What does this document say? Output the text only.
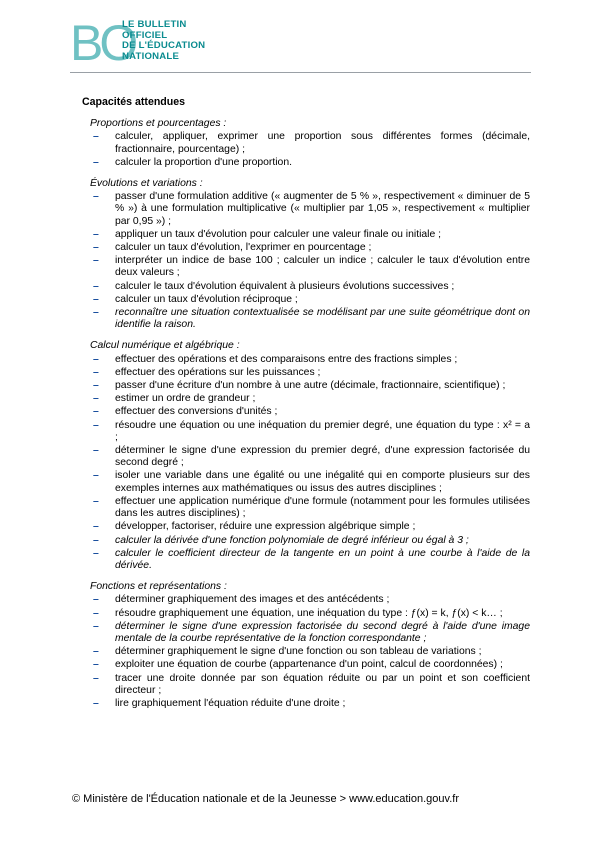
BO
LE BULLETIN
OFFICIEL
DE L'ÉDUCATION
NATIONALE
Capacités attendues
Proportions et pourcentages :
– calculer, appliquer, exprimer une proportion sous différentes formes (décimale, fractionnaire, pourcentage) ;
– calculer la proportion d'une proportion.
Évolutions et variations :
– passer d'une formulation additive (« augmenter de 5 % », respectivement « diminuer de 5 % ») à une formulation multiplicative (« multiplier par 1,05 », respectivement « multiplier par 0,95 ») ;
– appliquer un taux d'évolution pour calculer une valeur finale ou initiale ;
– calculer un taux d'évolution, l'exprimer en pourcentage ;
– interpréter un indice de base 100 ; calculer un indice ; calculer le taux d'évolution entre deux valeurs ;
– calculer le taux d'évolution équivalent à plusieurs évolutions successives ;
– calculer un taux d'évolution réciproque ;
– reconnaître une situation contextualisée se modélisant par une suite géométrique dont on identifie la raison.
Calcul numérique et algébrique :
– effectuer des opérations et des comparaisons entre des fractions simples ;
– effectuer des opérations sur les puissances ;
– passer d'une écriture d'un nombre à une autre (décimale, fractionnaire, scientifique) ;
– estimer un ordre de grandeur ;
– effectuer des conversions d'unités ;
– résoudre une équation ou une inéquation du premier degré, une équation du type : x² = a ;
– déterminer le signe d'une expression du premier degré, d'une expression factorisée du second degré ;
– isoler une variable dans une égalité ou une inégalité qui en comporte plusieurs sur des exemples internes aux mathématiques ou issus des autres disciplines ;
– effectuer une application numérique d'une formule (notamment pour les formules utilisées dans les autres disciplines) ;
– développer, factoriser, réduire une expression algébrique simple ;
– calculer la dérivée d'une fonction polynomiale de degré inférieur ou égal à 3 ;
– calculer le coefficient directeur de la tangente en un point à une courbe à l'aide de la dérivée.
Fonctions et représentations :
– déterminer graphiquement des images et des antécédents ;
– résoudre graphiquement une équation, une inéquation du type : ƒ(x) = k, ƒ(x) < k… ;
– déterminer le signe d'une expression factorisée du second degré à l'aide d'une image mentale de la courbe représentative de la fonction correspondante ;
– déterminer graphiquement le signe d'une fonction ou son tableau de variations ;
– exploiter une équation de courbe (appartenance d'un point, calcul de coordonnées) ;
– tracer une droite donnée par son équation réduite ou par un point et son coefficient directeur ;
– lire graphiquement l'équation réduite d'une droite ;
© Ministère de l'Éducation nationale et de la Jeunesse > www.education.gouv.fr
